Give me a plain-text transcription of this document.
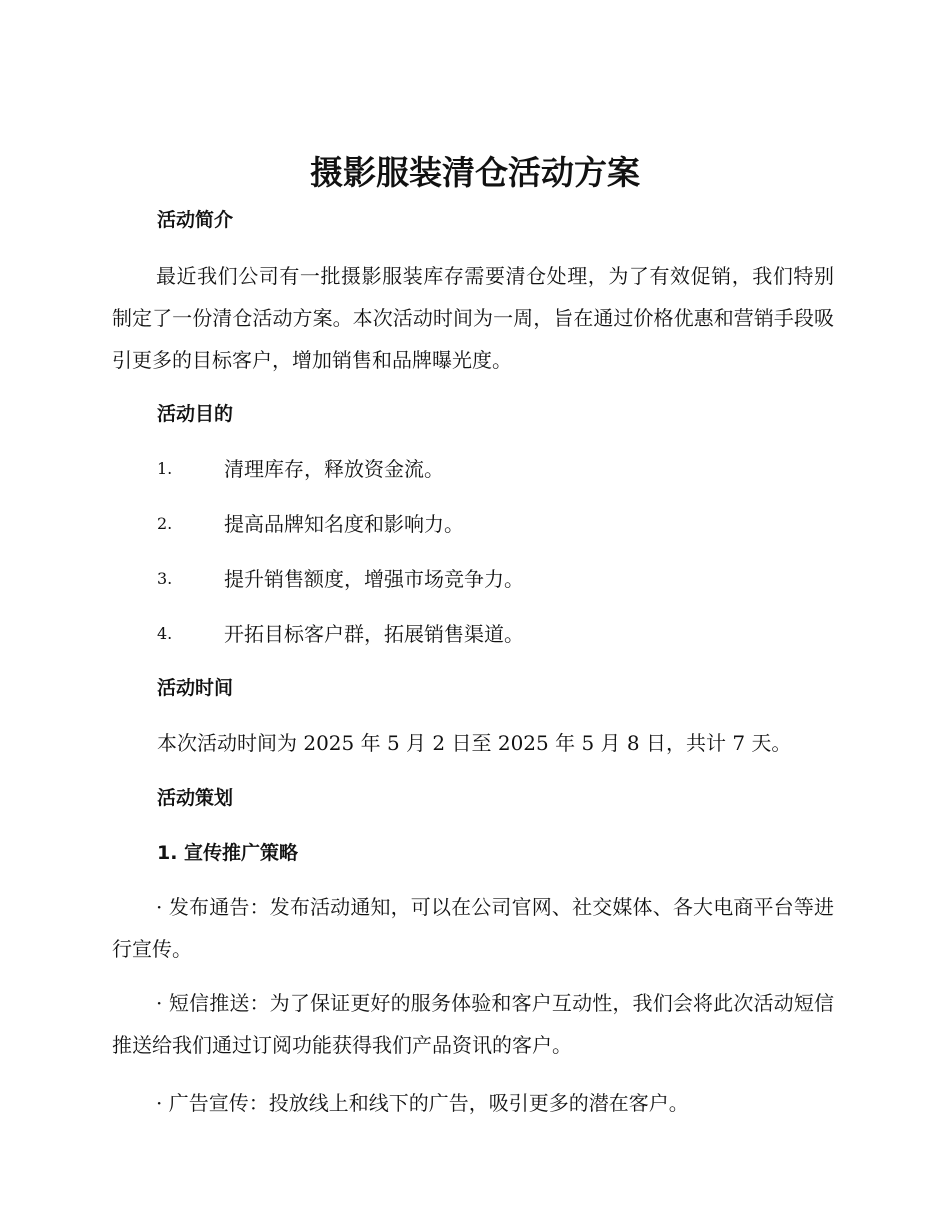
摄影服装清仓活动方案
活动简介
最近我们公司有一批摄影服装库存需要清仓处理，为了有效促销，我们特别制定了一份清仓活动方案。本次活动时间为一周，旨在通过价格优惠和营销手段吸引更多的目标客户，增加销售和品牌曝光度。
活动目的
1.	清理库存，释放资金流。
2.	提高品牌知名度和影响力。
3.	提升销售额度，增强市场竞争力。
4.	开拓目标客户群，拓展销售渠道。
活动时间
本次活动时间为 2025 年 5 月 2 日至 2025 年 5 月 8 日，共计 7 天。
活动策划
1. 宣传推广策略
· 发布通告：发布活动通知，可以在公司官网、社交媒体、各大电商平台等进行宣传。
· 短信推送：为了保证更好的服务体验和客户互动性，我们会将此次活动短信推送给我们通过订阅功能获得我们产品资讯的客户。
· 广告宣传：投放线上和线下的广告，吸引更多的潜在客户。
